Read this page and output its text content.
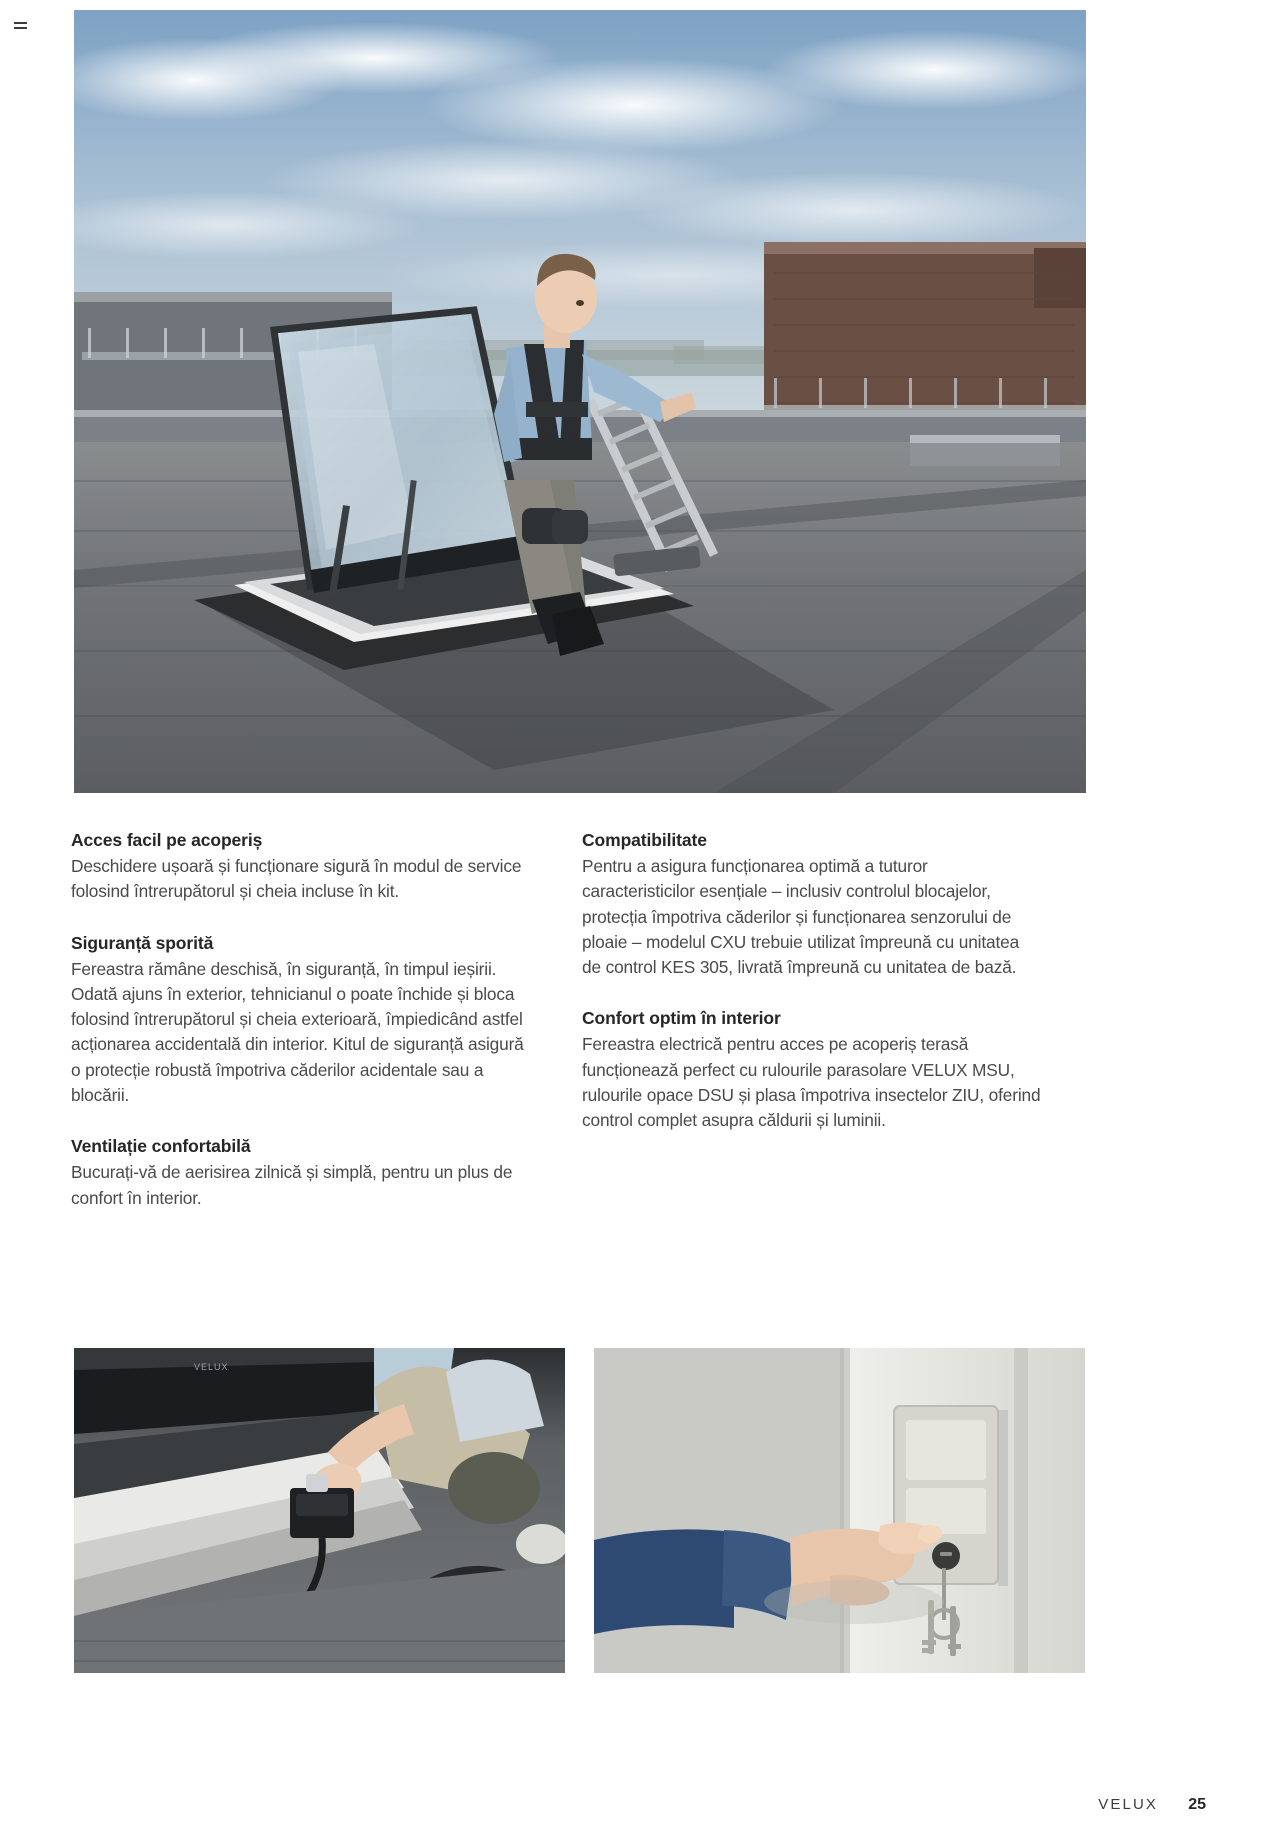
Acces facil pe acoperiș

Deschidere ușoară și funcționare sigură în modul de service folosind întrerupătorul și cheia incluse în kit.

Siguranță sporită

Fereastra rămâne deschisă, în siguranță, în timpul ieșirii. Odată ajuns în exterior, tehnicianul o poate închide și bloca folosind întrerupătorul și cheia exterioară, împiedicând astfel acționarea accidentală din interior. Kitul de siguranță asigură o protecție robustă împotriva căderilor acidentale sau a blocării.

Ventilație confortabilă

Bucurați-vă de aerisirea zilnică și simplă, pentru un plus de confort în interior.

Compatibilitate

Pentru a asigura funcționarea optimă a tuturor caracteristicilor esențiale – inclusiv controlul blocajelor, protecția împotriva căderilor și funcționarea senzorului de ploaie – modelul CXU trebuie utilizat împreună cu unitatea de control KES 305, livrată împreună cu unitatea de bază.

Confort optim în interior

Fereastra electrică pentru acces pe acoperiș terasă funcționează perfect cu rulourile parasolare VELUX MSU, rulourile opace DSU și plasa împotriva insectelor ZIU, oferind control complet asupra căldurii și luminii.

VELUX
VELUX 25
